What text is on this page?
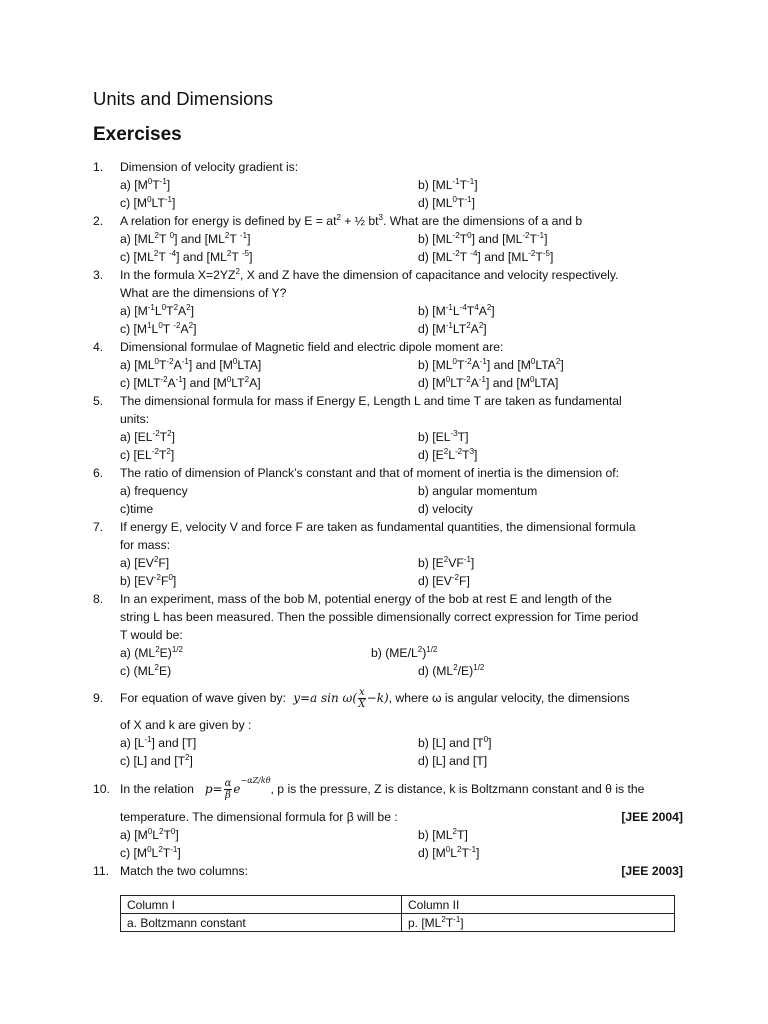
Units and Dimensions
Exercises
1.	Dimension of velocity gradient is:
a) $[M^0T^{-1}]$	b) $[ML^{-1}T^{-1}]$
c) $[M^0LT^{-1}]$	d) $[ML^0T^{-1}]$
2.	A relation for energy is defined by $E = at^2$ + ½ $bt^3$. What are the dimensions of a and b
a) [$ML^2T$ $^0$] and [$ML^2T$ $^{-1}$]	b) $[ML^{-2}T^0]$ and $[ML^{-2}T^{-1}]$
c) [$ML^2T$ $^{-4}$] and [$ML^2T$ $^{-5}$]	d) [$ML^{-2}T$ $^{-4}$] and $[ML^{-2}T^{-5}]$
3.	In the formula $X=2YZ^2$, X and Z have the dimension of capacitance and velocity respectively.
What are the dimensions of Y?
a) $[M^{-1}L^0T^2A^2]$	b) $[M^{-1}L^{-4}T^4A^2]$
c) [$M^1L^0T$ $^{-2}A^2$]	d) $[M^{-1}LT^2A^2]$
4.	Dimensional formulae of Magnetic field and electric dipole moment are:
a) $[ML^0T^{-2}A^{-1}]$ and $[M^0LTA]$	b) $[ML^0T^{-2}A^{-1}]$ and $[M^0LTA^2]$
c) $[MLT^{-2}A^{-1}]$ and $[M^0LT^2A]$	d) $[M^0LT^{-2}A^{-1}]$ and $[M^0LTA]$
5.	The dimensional formula for mass if Energy E, Length L and time T are taken as fundamental
units:
a) $[EL^{-2}T^2]$	b) $[EL^{-3}T]$
c) $[EL^{-2}T^2]$	d) $[E^2L^{-2}T^3]$
6.	The ratio of dimension of Planck’s constant and that of moment of inertia is the dimension of:
a) frequency	b) angular momentum
c)time	d) velocity
7.	If energy E, velocity V and force F are taken as fundamental quantities, the dimensional formula
for mass:
a) $[EV^2F]$	b) $[E^2VF^{-1}]$
b) $[EV^{-2}F^0]$	d) $[EV^{-2}F]$
8.	In an experiment, mass of the bob M, potential energy of the bob at rest E and length of the
string L has been measured. Then the possible dimensionally correct expression for Time period
T would be:
a) $(ML^2E)^{1/2}$	b) $(ME/L^2)^{1/2}$
c) $(ML^2E)$	d) $(ML^2/E)^{1/2}$
9.	For equation of wave given by:  y=a $\sin \omega( \frac{x}{X} -k)$, where ω is angular velocity, the dimensions
of X and k are given by :
a) $[L^{-1}]$ and [T]	b) [L] and $[T^0]$
c) [L] and $[T^2]$	d) [L] and [T]
10. In the relation   $p= \frac{\alpha}{\beta} e^{-\alpha Z/k\theta}$, p is the pressure, Z is distance, k is Boltzmann constant and θ is the
temperature. The dimensional formula for β will be :	[JEE 2004]
a) $[M^0L^2T^0]$	b) $[ML^2T]$
c) $[M^0L^2T^{-1}]$	d) $[M^0L^2T^{-1}]$
11. Match the two columns:	[JEE 2003]
Column I	Column II
a. Boltzmann constant	p. $[ML^2T^{-1}]$
